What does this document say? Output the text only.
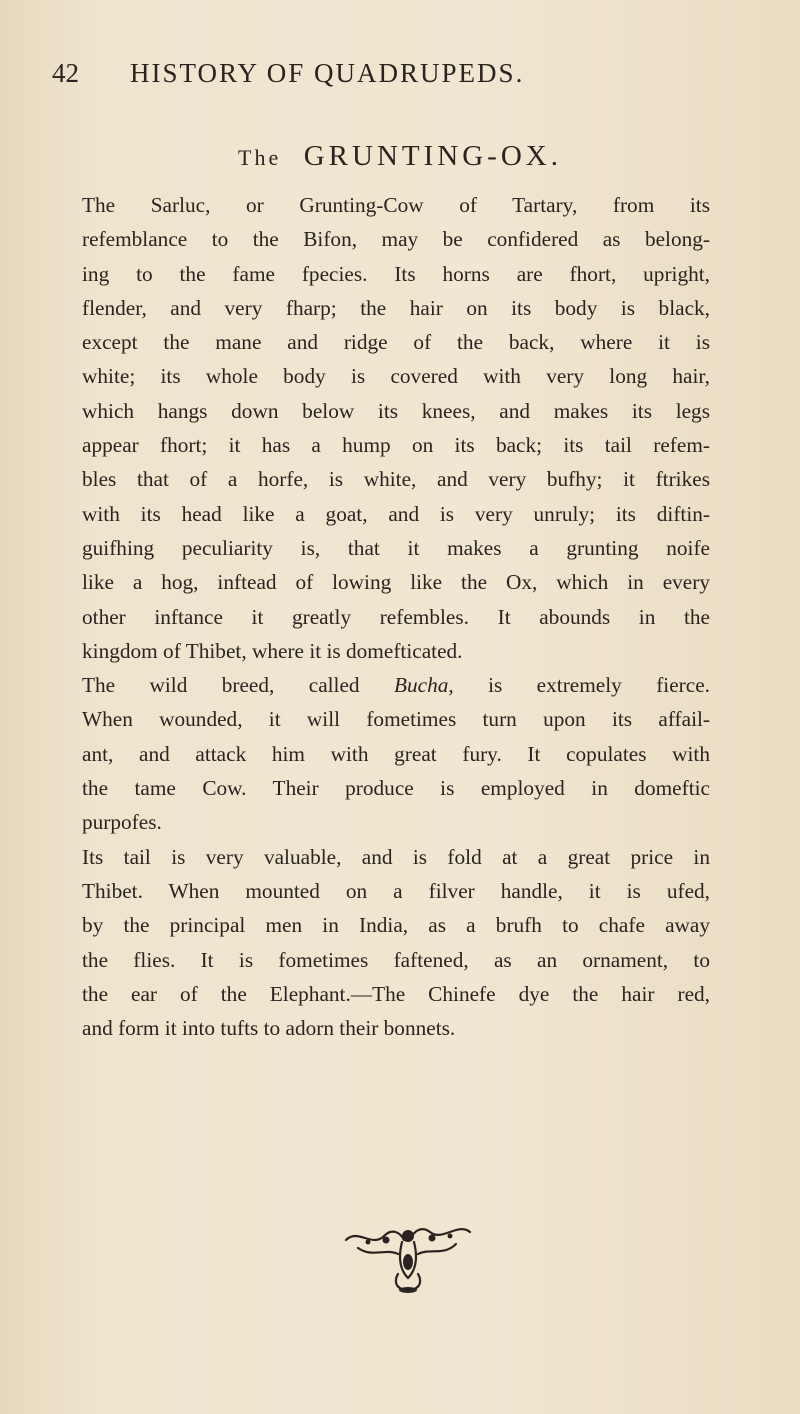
42 HISTORY OF QUADRUPEDS.
The GRUNTING-OX.
The Sarluc, or Grunting-Cow of Tartary, from its
refemblance to the Bifon, may be confidered as belong-
ing to the fame fpecies. Its horns are fhort, upright,
flender, and very fharp; the hair on its body is black,
except the mane and ridge of the back, where it is
white; its whole body is covered with very long hair,
which hangs down below its knees, and makes its legs
appear fhort; it has a hump on its back; its tail refem-
bles that of a horfe, is white, and very bufhy; it ftrikes
with its head like a goat, and is very unruly; its diftin-
guifhing peculiarity is, that it makes a grunting noife
like a hog, inftead of lowing like the Ox, which in every
other inftance it greatly refembles. It abounds in the
kingdom of Thibet, where it is domefticated.
The wild breed, called Bucha, is extremely fierce.
When wounded, it will fometimes turn upon its affail-
ant, and attack him with great fury. It copulates with
the tame Cow. Their produce is employed in domeftic
purpofes.
Its tail is very valuable, and is fold at a great price in
Thibet. When mounted on a filver handle, it is ufed,
by the principal men in India, as a brufh to chafe away
the flies. It is fometimes faftened, as an ornament, to
the ear of the Elephant.—The Chinefe dye the hair red,
and form it into tufts to adorn their bonnets.
